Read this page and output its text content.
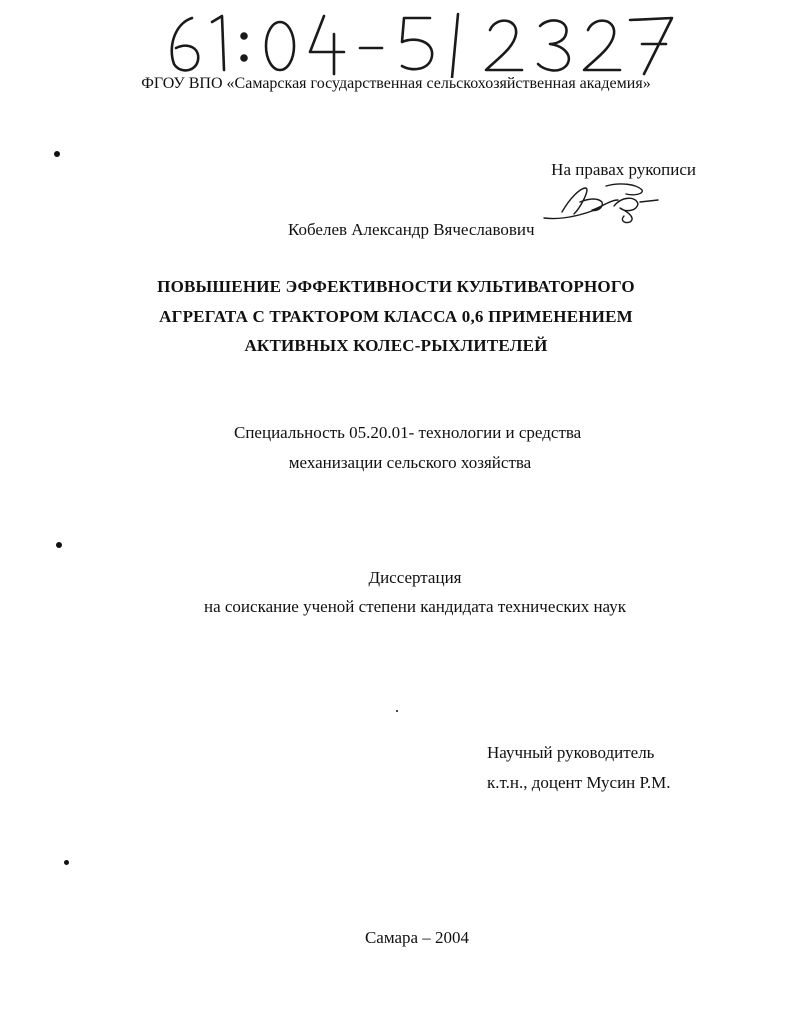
ФГОУ ВПО «Самарская государственная сельскохозяйственная академия»
На правах рукописи
Кобелев Александр Вячеславович
ПОВЫШЕНИЕ ЭФФЕКТИВНОСТИ КУЛЬТИВАТОРНОГО
АГРЕГАТА С ТРАКТОРОМ КЛАССА 0,6 ПРИМЕНЕНИЕМ
АКТИВНЫХ КОЛЕС-РЫХЛИТЕЛЕЙ
Специальность 05.20.01- технологии и средства
механизации сельского хозяйства
Диссертация
на соискание ученой степени кандидата технических наук
Научный руководитель
к.т.н., доцент Мусин Р.М.
Самара – 2004
